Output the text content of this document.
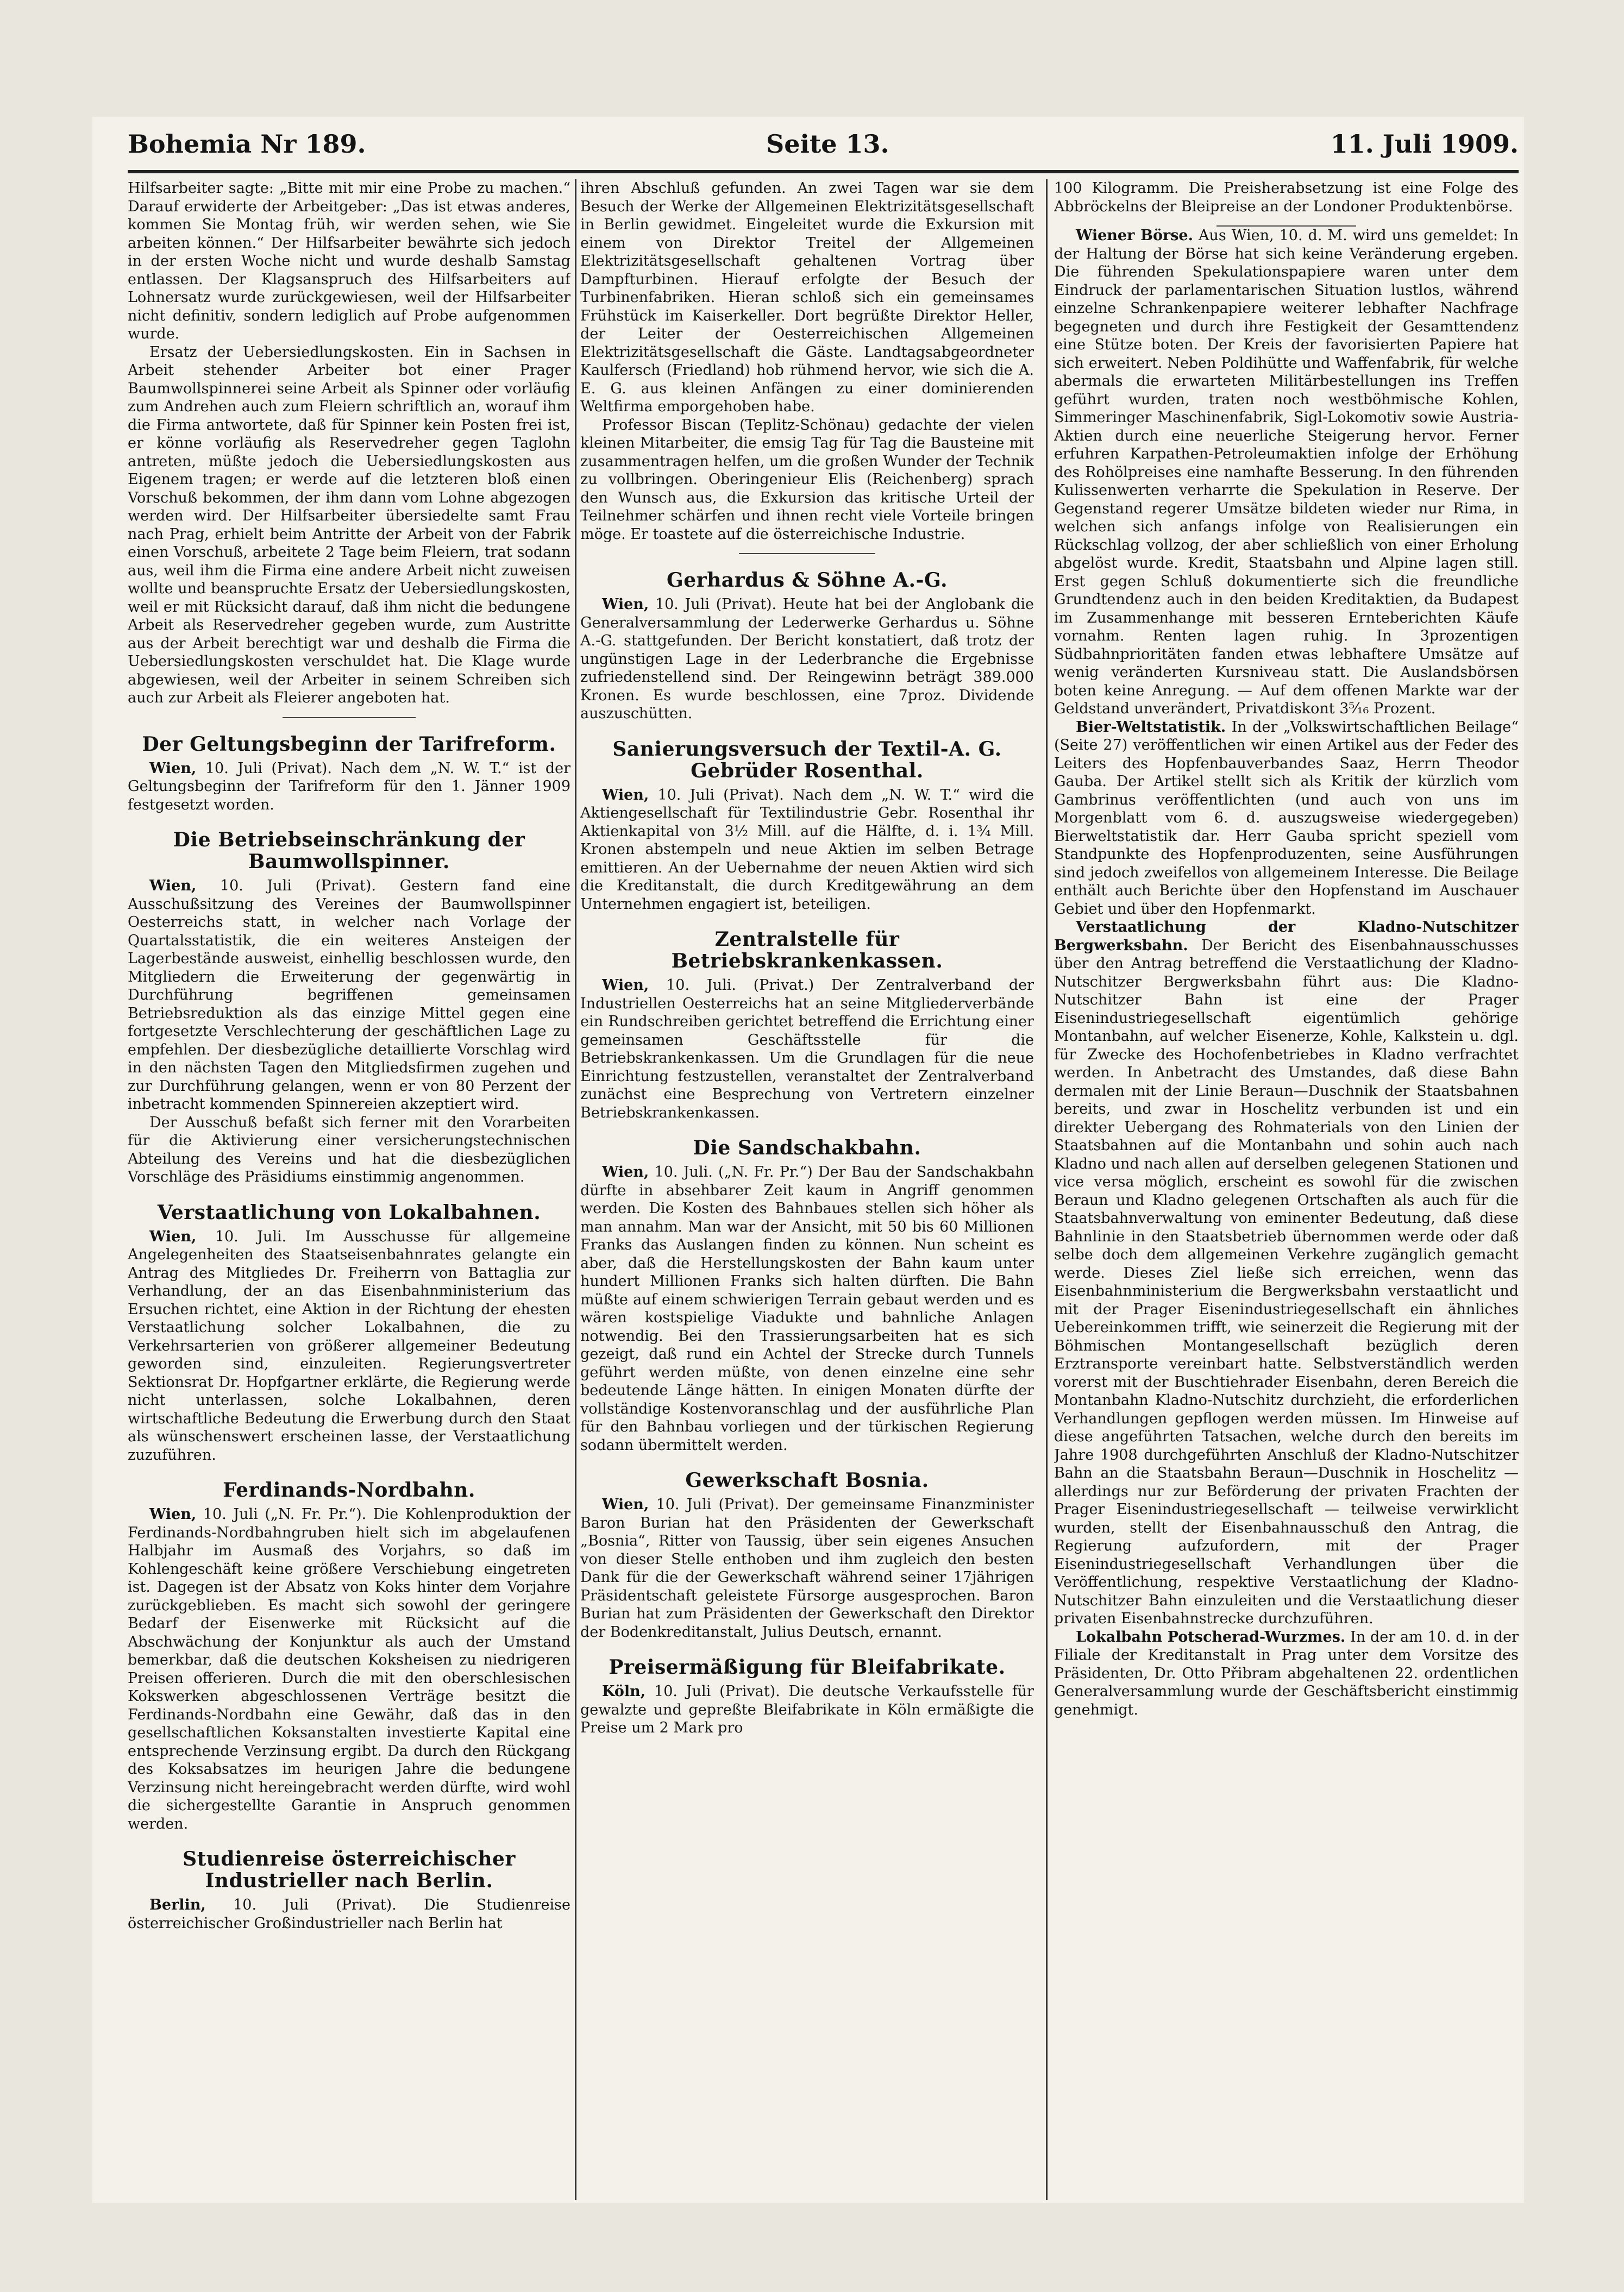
Bohemia Nr 189.	Seite 13.	11. Juli 1909.

Hilfsarbeiter sagte: „Bitte mit mir eine Probe zu machen.“ Darauf erwiderte der Arbeitgeber: „Das ist etwas anderes, kommen Sie Montag früh, wir werden sehen, wie Sie arbeiten können.“ Der Hilfsarbeiter bewährte sich jedoch in der ersten Woche nicht und wurde deshalb Samstag entlassen. Der Klagsanspruch des Hilfsarbeiters auf Lohnersatz wurde zurückgewiesen, weil der Hilfsarbeiter nicht definitiv, sondern lediglich auf Probe aufgenommen wurde.

Ersatz der Uebersiedlungskosten. Ein in Sachsen in Arbeit stehender Arbeiter bot einer Prager Baumwollspinnerei seine Arbeit als Spinner oder vorläufig zum Andrehen auch zum Fleiern schriftlich an, worauf ihm die Firma antwortete, daß für Spinner kein Posten frei ist, er könne vorläufig als Reservedreher gegen Taglohn antreten, müßte jedoch die Uebersiedlungskosten aus Eigenem tragen; er werde auf die letzteren bloß einen Vorschuß bekommen, der ihm dann vom Lohne abgezogen werden wird. Der Hilfsarbeiter übersiedelte samt Frau nach Prag, erhielt beim Antritte der Arbeit von der Fabrik einen Vorschuß, arbeitete 2 Tage beim Fleiern, trat sodann aus, weil ihm die Firma eine andere Arbeit nicht zuweisen wollte und beanspruchte Ersatz der Uebersiedlungskosten, weil er mit Rücksicht darauf, daß ihm nicht die bedungene Arbeit als Reservedreher gegeben wurde, zum Austritte aus der Arbeit berechtigt war und deshalb die Firma die Uebersiedlungskosten verschuldet hat. Die Klage wurde abgewiesen, weil der Arbeiter in seinem Schreiben sich auch zur Arbeit als Fleierer angeboten hat.

Der Geltungsbeginn der Tarifreform.

Wien, 10. Juli (Privat). Nach dem „N. W. T.“ ist der Geltungsbeginn der Tarifreform für den 1. Jänner 1909 festgesetzt worden.

Die Betriebseinschränkung der Baumwollspinner.

Wien, 10. Juli (Privat). Gestern fand eine Ausschußsitzung des Vereines der Baumwollspinner Oesterreichs statt, in welcher nach Vorlage der Quartalsstatistik, die ein weiteres Ansteigen der Lagerbestände ausweist, einhellig beschlossen wurde, den Mitgliedern die Erweiterung der gegenwärtig in Durchführung begriffenen gemeinsamen Betriebsreduktion als das einzige Mittel gegen eine fortgesetzte Verschlechterung der geschäftlichen Lage zu empfehlen. Der diesbezügliche detaillierte Vorschlag wird in den nächsten Tagen den Mitgliedsfirmen zugehen und zur Durchführung gelangen, wenn er von 80 Perzent der inbetracht kommenden Spinnereien akzeptiert wird.

Der Ausschuß befaßt sich ferner mit den Vorarbeiten für die Aktivierung einer versicherungstechnischen Abteilung des Vereins und hat die diesbezüglichen Vorschläge des Präsidiums einstimmig angenommen.

Verstaatlichung von Lokalbahnen.

Wien, 10. Juli. Im Ausschusse für allgemeine Angelegenheiten des Staatseisenbahnrates gelangte ein Antrag des Mitgliedes Dr. Freiherrn von Battaglia zur Verhandlung, der an das Eisenbahnministerium das Ersuchen richtet, eine Aktion in der Richtung der ehesten Verstaatlichung solcher Lokalbahnen, die zu Verkehrsarterien von größerer allgemeiner Bedeutung geworden sind, einzuleiten. Regierungsvertreter Sektionsrat Dr. Hopfgartner erklärte, die Regierung werde nicht unterlassen, solche Lokalbahnen, deren wirtschaftliche Bedeutung die Erwerbung durch den Staat als wünschenswert erscheinen lasse, der Verstaatlichung zuzuführen.

Ferdinands-Nordbahn.

Wien, 10. Juli („N. Fr. Pr.“). Die Kohlenproduktion der Ferdinands-Nordbahngruben hielt sich im abgelaufenen Halbjahr im Ausmaß des Vorjahrs, so daß im Kohlengeschäft keine größere Verschiebung eingetreten ist. Dagegen ist der Absatz von Koks hinter dem Vorjahre zurückgeblieben. Es macht sich sowohl der geringere Bedarf der Eisenwerke mit Rücksicht auf die Abschwächung der Konjunktur als auch der Umstand bemerkbar, daß die deutschen Koksheisen zu niedrigeren Preisen offerieren. Durch die mit den oberschlesischen Kokswerken abgeschlossenen Verträge besitzt die Ferdinands-Nordbahn eine Gewähr, daß das in den gesellschaftlichen Koksanstalten investierte Kapital eine entsprechende Verzinsung ergibt. Da durch den Rückgang des Koksabsatzes im heurigen Jahre die bedungene Verzinsung nicht hereingebracht werden dürfte, wird wohl die sichergestellte Garantie in Anspruch genommen werden.

Studienreise österreichischer Industrieller nach Berlin.

Berlin, 10. Juli (Privat). Die Studienreise österreichischer Großindustrieller nach Berlin hat

ihren Abschluß gefunden. An zwei Tagen war sie dem Besuch der Werke der Allgemeinen Elektrizitätsgesellschaft in Berlin gewidmet. Eingeleitet wurde die Exkursion mit einem von Direktor Treitel der Allgemeinen Elektrizitätsgesellschaft gehaltenen Vortrag über Dampfturbinen. Hierauf erfolgte der Besuch der Turbinenfabriken. Hieran schloß sich ein gemeinsames Frühstück im Kaiserkeller. Dort begrüßte Direktor Heller, der Leiter der Oesterreichischen Allgemeinen Elektrizitätsgesellschaft die Gäste. Landtagsabgeordneter Kaulfersch (Friedland) hob rühmend hervor, wie sich die A. E. G. aus kleinen Anfängen zu einer dominierenden Weltfirma emporgehoben habe.

Professor Biscan (Teplitz-Schönau) gedachte der vielen kleinen Mitarbeiter, die emsig Tag für Tag die Bausteine mit zusammentragen helfen, um die großen Wunder der Technik zu vollbringen. Oberingenieur Elis (Reichenberg) sprach den Wunsch aus, die Exkursion das kritische Urteil der Teilnehmer schärfen und ihnen recht viele Vorteile bringen möge. Er toastete auf die österreichische Industrie.

Gerhardus & Söhne A.-G.

Wien, 10. Juli (Privat). Heute hat bei der Anglobank die Generalversammlung der Lederwerke Gerhardus u. Söhne A.-G. stattgefunden. Der Bericht konstatiert, daß trotz der ungünstigen Lage in der Lederbranche die Ergebnisse zufriedenstellend sind. Der Reingewinn beträgt 389.000 Kronen. Es wurde beschlossen, eine 7proz. Dividende auszuschütten.

Sanierungsversuch der Textil-A. G. Gebrüder Rosenthal.

Wien, 10. Juli (Privat). Nach dem „N. W. T.“ wird die Aktiengesellschaft für Textilindustrie Gebr. Rosenthal ihr Aktienkapital von 3½ Mill. auf die Hälfte, d. i. 1¾ Mill. Kronen abstempeln und neue Aktien im selben Betrage emittieren. An der Uebernahme der neuen Aktien wird sich die Kreditanstalt, die durch Kreditgewährung an dem Unternehmen engagiert ist, beteiligen.

Zentralstelle für Betriebskrankenkassen.

Wien, 10. Juli. (Privat.) Der Zentralverband der Industriellen Oesterreichs hat an seine Mitgliederverbände ein Rundschreiben gerichtet betreffend die Errichtung einer gemeinsamen Geschäftsstelle für die Betriebskrankenkassen. Um die Grundlagen für die neue Einrichtung festzustellen, veranstaltet der Zentralverband zunächst eine Besprechung von Vertretern einzelner Betriebskrankenkassen.

Die Sandschakbahn.

Wien, 10. Juli. („N. Fr. Pr.“) Der Bau der Sandschakbahn dürfte in absehbarer Zeit kaum in Angriff genommen werden. Die Kosten des Bahnbaues stellen sich höher als man annahm. Man war der Ansicht, mit 50 bis 60 Millionen Franks das Auslangen finden zu können. Nun scheint es aber, daß die Herstellungskosten der Bahn kaum unter hundert Millionen Franks sich halten dürften. Die Bahn müßte auf einem schwierigen Terrain gebaut werden und es wären kostspielige Viadukte und bahnliche Anlagen notwendig. Bei den Trassierungsarbeiten hat es sich gezeigt, daß rund ein Achtel der Strecke durch Tunnels geführt werden müßte, von denen einzelne eine sehr bedeutende Länge hätten. In einigen Monaten dürfte der vollständige Kostenvoranschlag und der ausführliche Plan für den Bahnbau vorliegen und der türkischen Regierung sodann übermittelt werden.

Gewerkschaft Bosnia.

Wien, 10. Juli (Privat). Der gemeinsame Finanzminister Baron Burian hat den Präsidenten der Gewerkschaft „Bosnia“, Ritter von Taussig, über sein eigenes Ansuchen von dieser Stelle enthoben und ihm zugleich den besten Dank für die der Gewerkschaft während seiner 17jährigen Präsidentschaft geleistete Fürsorge ausgesprochen. Baron Burian hat zum Präsidenten der Gewerkschaft den Direktor der Bodenkreditanstalt, Julius Deutsch, ernannt.

Preisermäßigung für Bleifabrikate.

Köln, 10. Juli (Privat). Die deutsche Verkaufsstelle für gewalzte und gepreßte Bleifabrikate in Köln ermäßigte die Preise um 2 Mark pro

100 Kilogramm. Die Preisherabsetzung ist eine Folge des Abbröckelns der Bleipreise an der Londoner Produktenbörse.

Wiener Börse. Aus Wien, 10. d. M. wird uns gemeldet: In der Haltung der Börse hat sich keine Veränderung ergeben. Die führenden Spekulationspapiere waren unter dem Eindruck der parlamentarischen Situation lustlos, während einzelne Schrankenpapiere weiterer lebhafter Nachfrage begegneten und durch ihre Festigkeit der Gesamttendenz eine Stütze boten. Der Kreis der favorisierten Papiere hat sich erweitert. Neben Poldihütte und Waffenfabrik, für welche abermals die erwarteten Militärbestellungen ins Treffen geführt wurden, traten noch westböhmische Kohlen, Simmeringer Maschinenfabrik, Sigl-Lokomotiv sowie Austria-Aktien durch eine neuerliche Steigerung hervor. Ferner erfuhren Karpathen-Petroleumaktien infolge der Erhöhung des Rohölpreises eine namhafte Besserung. In den führenden Kulissenwerten verharrte die Spekulation in Reserve. Der Gegenstand regerer Umsätze bildeten wieder nur Rima, in welchen sich anfangs infolge von Realisierungen ein Rückschlag vollzog, der aber schließlich von einer Erholung abgelöst wurde. Kredit, Staatsbahn und Alpine lagen still. Erst gegen Schluß dokumentierte sich die freundliche Grundtendenz auch in den beiden Kreditaktien, da Budapest im Zusammenhange mit besseren Ernteberichten Käufe vornahm. Renten lagen ruhig. In 3prozentigen Südbahnprioritäten fanden etwas lebhaftere Umsätze auf wenig veränderten Kursniveau statt. Die Auslandsbörsen boten keine Anregung. — Auf dem offenen Markte war der Geldstand unverändert, Privatdiskont 3⁵⁄₁₆ Prozent.

Bier-Weltstatistik. In der „Volkswirtschaftlichen Beilage“ (Seite 27) veröffentlichen wir einen Artikel aus der Feder des Leiters des Hopfenbauverbandes Saaz, Herrn Theodor Gauba. Der Artikel stellt sich als Kritik der kürzlich vom Gambrinus veröffentlichten (und auch von uns im Morgenblatt vom 6. d. auszugsweise wiedergegeben) Bierweltstatistik dar. Herr Gauba spricht speziell vom Standpunkte des Hopfenproduzenten, seine Ausführungen sind jedoch zweifellos von allgemeinem Interesse. Die Beilage enthält auch Berichte über den Hopfenstand im Auschauer Gebiet und über den Hopfenmarkt.

Verstaatlichung der Kladno-Nutschitzer Bergwerksbahn. Der Bericht des Eisenbahnausschusses über den Antrag betreffend die Verstaatlichung der Kladno-Nutschitzer Bergwerksbahn führt aus: Die Kladno-Nutschitzer Bahn ist eine der Prager Eisenindustriegesellschaft eigentümlich gehörige Montanbahn, auf welcher Eisenerze, Kohle, Kalkstein u. dgl. für Zwecke des Hochofenbetriebes in Kladno verfrachtet werden. In Anbetracht des Umstandes, daß diese Bahn dermalen mit der Linie Beraun—Duschnik der Staatsbahnen bereits, und zwar in Hoschelitz verbunden ist und ein direkter Uebergang des Rohmaterials von den Linien der Staatsbahnen auf die Montanbahn und sohin auch nach Kladno und nach allen auf derselben gelegenen Stationen und vice versa möglich, erscheint es sowohl für die zwischen Beraun und Kladno gelegenen Ortschaften als auch für die Staatsbahnverwaltung von eminenter Bedeutung, daß diese Bahnlinie in den Staatsbetrieb übernommen werde oder daß selbe doch dem allgemeinen Verkehre zugänglich gemacht werde. Dieses Ziel ließe sich erreichen, wenn das Eisenbahnministerium die Bergwerksbahn verstaatlicht und mit der Prager Eisenindustriegesellschaft ein ähnliches Uebereinkommen trifft, wie seinerzeit die Regierung mit der Böhmischen Montangesellschaft bezüglich deren Erztransporte vereinbart hatte. Selbstverständlich werden vorerst mit der Buschtiehrader Eisenbahn, deren Bereich die Montanbahn Kladno-Nutschitz durchzieht, die erforderlichen Verhandlungen gepflogen werden müssen. Im Hinweise auf diese angeführten Tatsachen, welche durch den bereits im Jahre 1908 durchgeführten Anschluß der Kladno-Nutschitzer Bahn an die Staatsbahn Beraun—Duschnik in Hoschelitz — allerdings nur zur Beförderung der privaten Frachten der Prager Eisenindustriegesellschaft — teilweise verwirklicht wurden, stellt der Eisenbahnausschuß den Antrag, die Regierung aufzufordern, mit der Prager Eisenindustriegesellschaft Verhandlungen über die Veröffentlichung, respektive Verstaatlichung der Kladno-Nutschitzer Bahn einzuleiten und die Verstaatlichung dieser privaten Eisenbahnstrecke durchzuführen.

Lokalbahn Potscherad-Wurzmes. In der am 10. d. in der Filiale der Kreditanstalt in Prag unter dem Vorsitze des Präsidenten, Dr. Otto Přibram abgehaltenen 22. ordentlichen Generalversammlung wurde der Geschäftsbericht einstimmig genehmigt.
